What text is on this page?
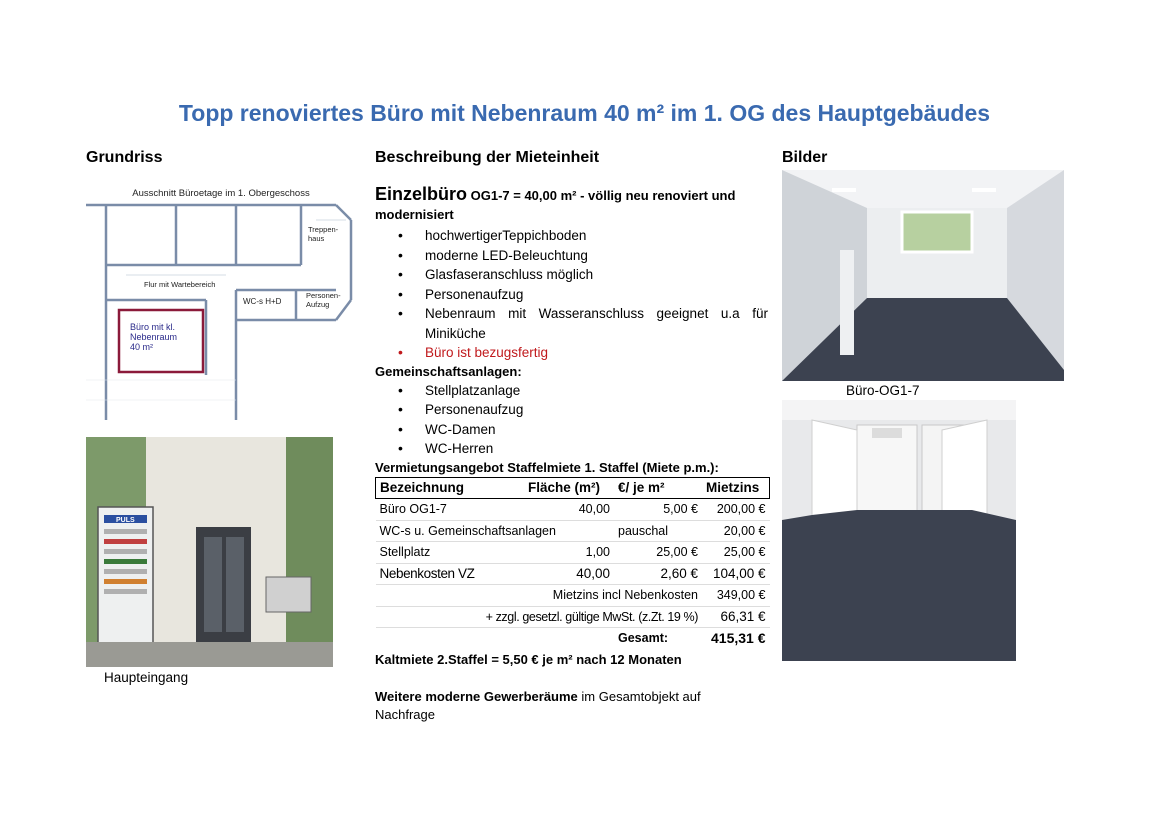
Topp renoviertes Büro mit Nebenraum 40 m² im 1. OG des Hauptgebäudes
Grundriss
Ausschnitt Büroetage im 1. Obergeschoss
Treppen-
haus
Flur mit Wartebereich
WC-s H+D
Personen-
Aufzug
Büro mit kl.
Nebenraum
40 m²
PULS
Haupteingang
Beschreibung der Mieteinheit
Einzelbüro OG1-7 = 40,00 m² - völlig neu renoviert und modernisiert
• hochwertigerTeppichboden
• moderne LED-Beleuchtung
• Glasfaseranschluss möglich
• Personenaufzug
• Nebenraum mit Wasseranschluss geeignet u.a für Miniküche
• Büro ist bezugsfertig
Gemeinschaftsanlagen:
• Stellplatzanlage
• Personenaufzug
• WC-Damen
• WC-Herren
Vermietungsangebot Staffelmiete 1. Staffel (Miete p.m.):
Bezeichnung	Fläche (m²)	€/ je m²	Mietzins
Büro OG1-7	40,00	5,00 €	200,00 €
WC-s u. Gemeinschaftsanlagen		pauschal	20,00 €
Stellplatz	1,00	25,00 €	25,00 €
Nebenkosten VZ	40,00	2,60 €	104,00 €
	Mietzins incl Nebenkosten		349,00 €
+ zzgl. gesetzl. gültige MwSt. (z.Zt. 19 %)			66,31 €
		Gesamt:	415,31 €
Kaltmiete 2.Staffel = 5,50 € je m² nach 12 Monaten
Weitere moderne Gewerberäume im Gesamtobjekt auf Nachfrage
Bilder
Büro-OG1-7
